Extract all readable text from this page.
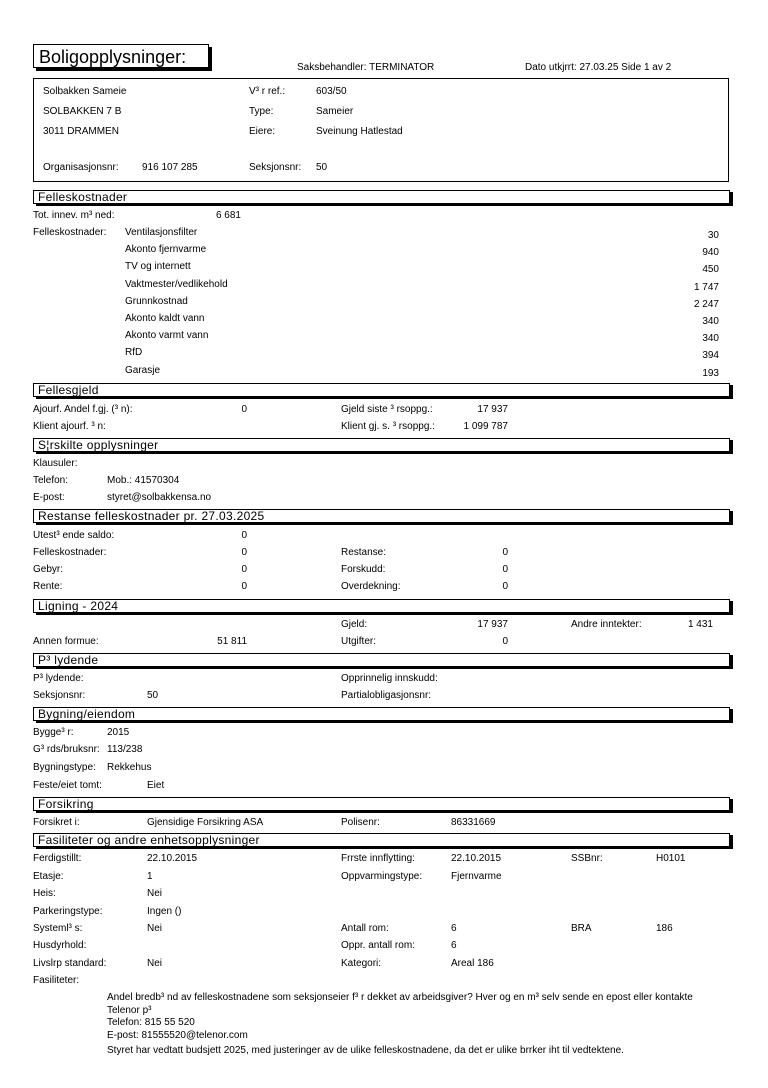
Boligopplysninger:
Saksbehandler: TERMINATOR	Dato utkjrrt: 27.03.25 Side 1 av 2
Solbakken Sameie
SOLBAKKEN 7 B
3011 DRAMMEN
V³ r ref.:	603/50
Type:	Sameier
Eiere:	Sveinung Hatlestad
Organisasjonsnr: 916 107 285	Seksjonsnr: 50
Felleskostnader
Tot. innev. m³ ned:	6 681
Felleskostnader: Ventilasjonsfilter	30
Akonto fjernvarme	940
TV og internett	450
Vaktmester/vedlikehold	1 747
Grunnkostnad	2 247
Akonto kaldt vann	340
Akonto varmt vann	340
RfD	394
Garasje	193
Fellesgjeld
Ajourf. Andel f.gj. (³ n):	0	Gjeld siste ³ rsoppg.:	17 937
Klient ajourf. ³ n:	Klient gj. s. ³ rsoppg.:	1 099 787
S¦rskilte opplysninger
Klausuler:
Telefon:	Mob.: 41570304
E-post:	styret@solbakkensa.no
Restanse felleskostnader pr. 27.03.2025
Utest³ ende saldo:	0
Felleskostnader:	0	Restanse:	0
Gebyr:	0	Forskudd:	0
Rente:	0	Overdekning:	0
Ligning - 2024
Gjeld:	17 937	Andre inntekter:	1 431
Annen formue:	51 811	Utgifter:	0
P³ lydende
P³ lydende:	Opprinnelig innskudd:
Seksjonsnr:	50	Partialobligasjonsnr:
Bygning/eiendom
Bygge³ r:	2015
G³ rds/bruksnr: 113/238
Bygningstype: Rekkehus
Feste/eiet tomt:	Eiet
Forsikring
Forsikret i:	Gjensidige Forsikring ASA	Polisenr:	86331669
Fasiliteter og andre enhetsopplysninger
Ferdigstillt:	22.10.2015	Frrste innflytting:	22.10.2015	SSBnr:	H0101
Etasje:	1	Oppvarmingstype:	Fjernvarme
Heis:	Nei
Parkeringstype:	Ingen ()
Systeml³ s:	Nei	Antall rom:	6	BRA	186
Husdyrhold:	Oppr. antall rom:	6
Livslrp standard:	Nei	Kategori:	Areal 186
Fasiliteter:
Andel bredb³ nd av felleskostnadene som seksjonseier f³ r dekket av arbeidsgiver? Hver og en m³ selv sende en epost eller kontakte Telenor p³
Telefon: 815 55 520
E-post: 81555520@telenor.com
Styret har vedtatt budsjett 2025, med justeringer av de ulike felleskostnadene, da det er ulike brrker iht til vedtektene.
